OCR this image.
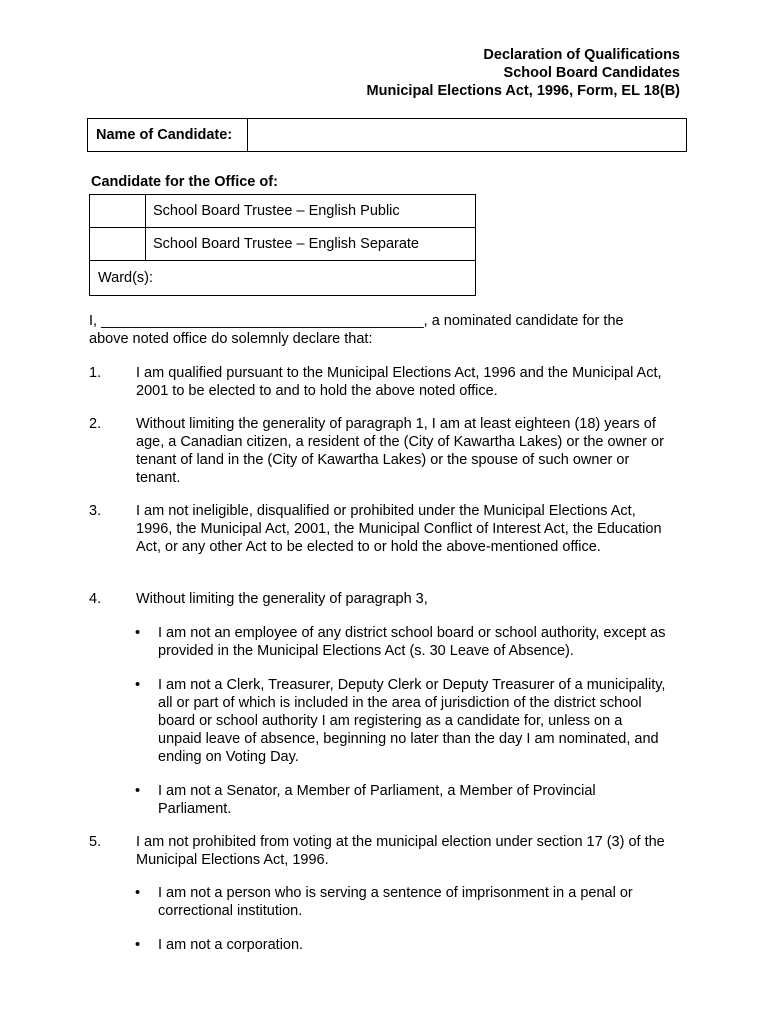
Declaration of Qualifications
School Board Candidates
Municipal Elections Act, 1996, Form, EL 18(B)
Name of Candidate:
Candidate for the Office of:
School Board Trustee – English Public
School Board Trustee – English Separate
Ward(s):
I, ________________________________________, a nominated candidate for the above noted office do solemnly declare that:
1. I am qualified pursuant to the Municipal Elections Act, 1996 and the Municipal Act, 2001 to be elected to and to hold the above noted office.
2. Without limiting the generality of paragraph 1, I am at least eighteen (18) years of age, a Canadian citizen, a resident of the (City of Kawartha Lakes) or the owner or tenant of land in the (City of Kawartha Lakes) or the spouse of such owner or tenant.
3. I am not ineligible, disqualified or prohibited under the Municipal Elections Act, 1996, the Municipal Act, 2001, the Municipal Conflict of Interest Act, the Education Act, or any other Act to be elected to or hold the above-mentioned office.
4. Without limiting the generality of paragraph 3,
• I am not an employee of any district school board or school authority, except as provided in the Municipal Elections Act (s. 30 Leave of Absence).
• I am not a Clerk, Treasurer, Deputy Clerk or Deputy Treasurer of a municipality, all or part of which is included in the area of jurisdiction of the district school board or school authority I am registering as a candidate for, unless on a unpaid leave of absence, beginning no later than the day I am nominated, and ending on Voting Day.
• I am not a Senator, a Member of Parliament, a Member of Provincial Parliament.
5. I am not prohibited from voting at the municipal election under section 17 (3) of the Municipal Elections Act, 1996.
• I am not a person who is serving a sentence of imprisonment in a penal or correctional institution.
• I am not a corporation.
